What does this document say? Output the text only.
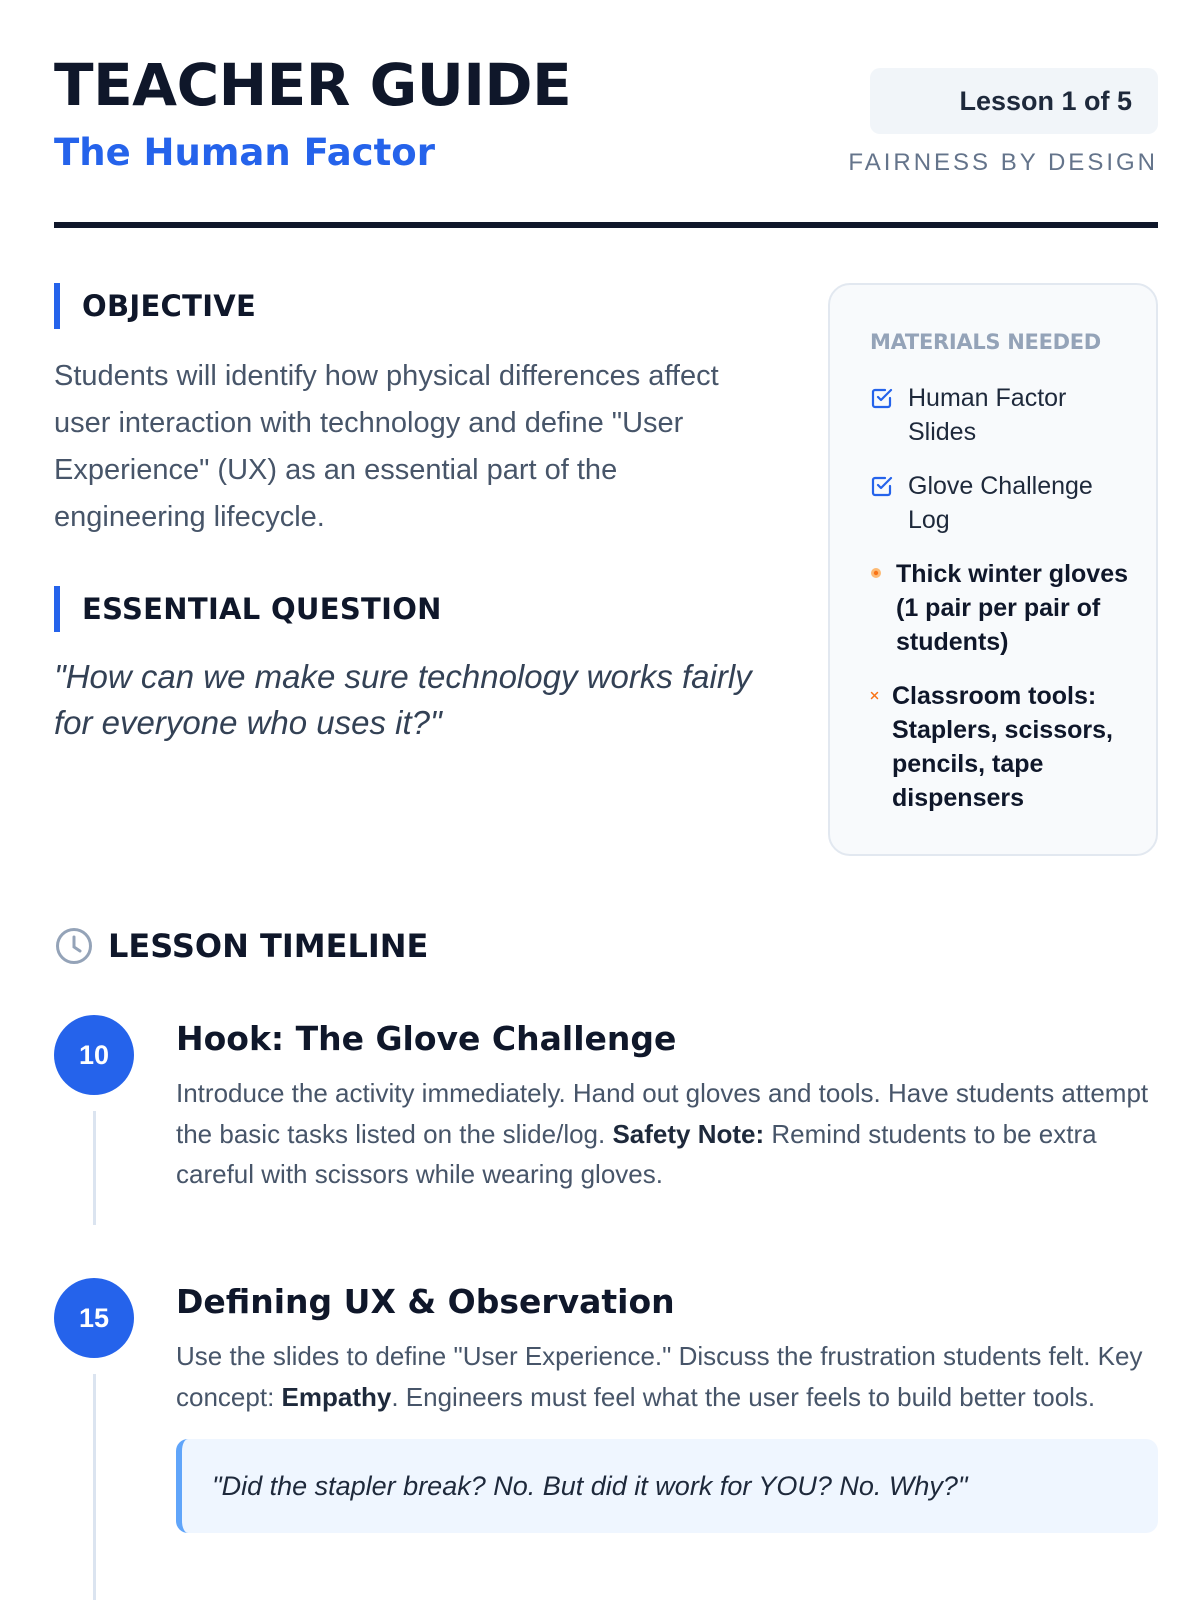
TEACHER GUIDE
The Human Factor
Lesson 1 of 5
FAIRNESS BY DESIGN
OBJECTIVE

Students will identify how physical differences affect user interaction with technology and define "User Experience" (UX) as an essential part of the engineering lifecycle.

ESSENTIAL QUESTION

"How can we make sure technology works fairly for everyone who uses it?"

MATERIALS NEEDED
Human Factor Slides
Glove Challenge Log
Thick winter gloves (1 pair per pair of students)
Classroom tools: Staplers, scissors, pencils, tape dispensers
LESSON TIMELINE
10	Hook: The Glove Challenge

Introduce the activity immediately. Hand out gloves and tools. Have students attempt the basic tasks listed on the slide/log. Safety Note: Remind students to be extra careful with scissors while wearing gloves.

15	Defining UX & Observation

Use the slides to define "User Experience." Discuss the frustration students felt. Key concept: Empathy. Engineers must feel what the user feels to build better tools.

"Did the stapler break? No. But did it work for YOU? No. Why?"
